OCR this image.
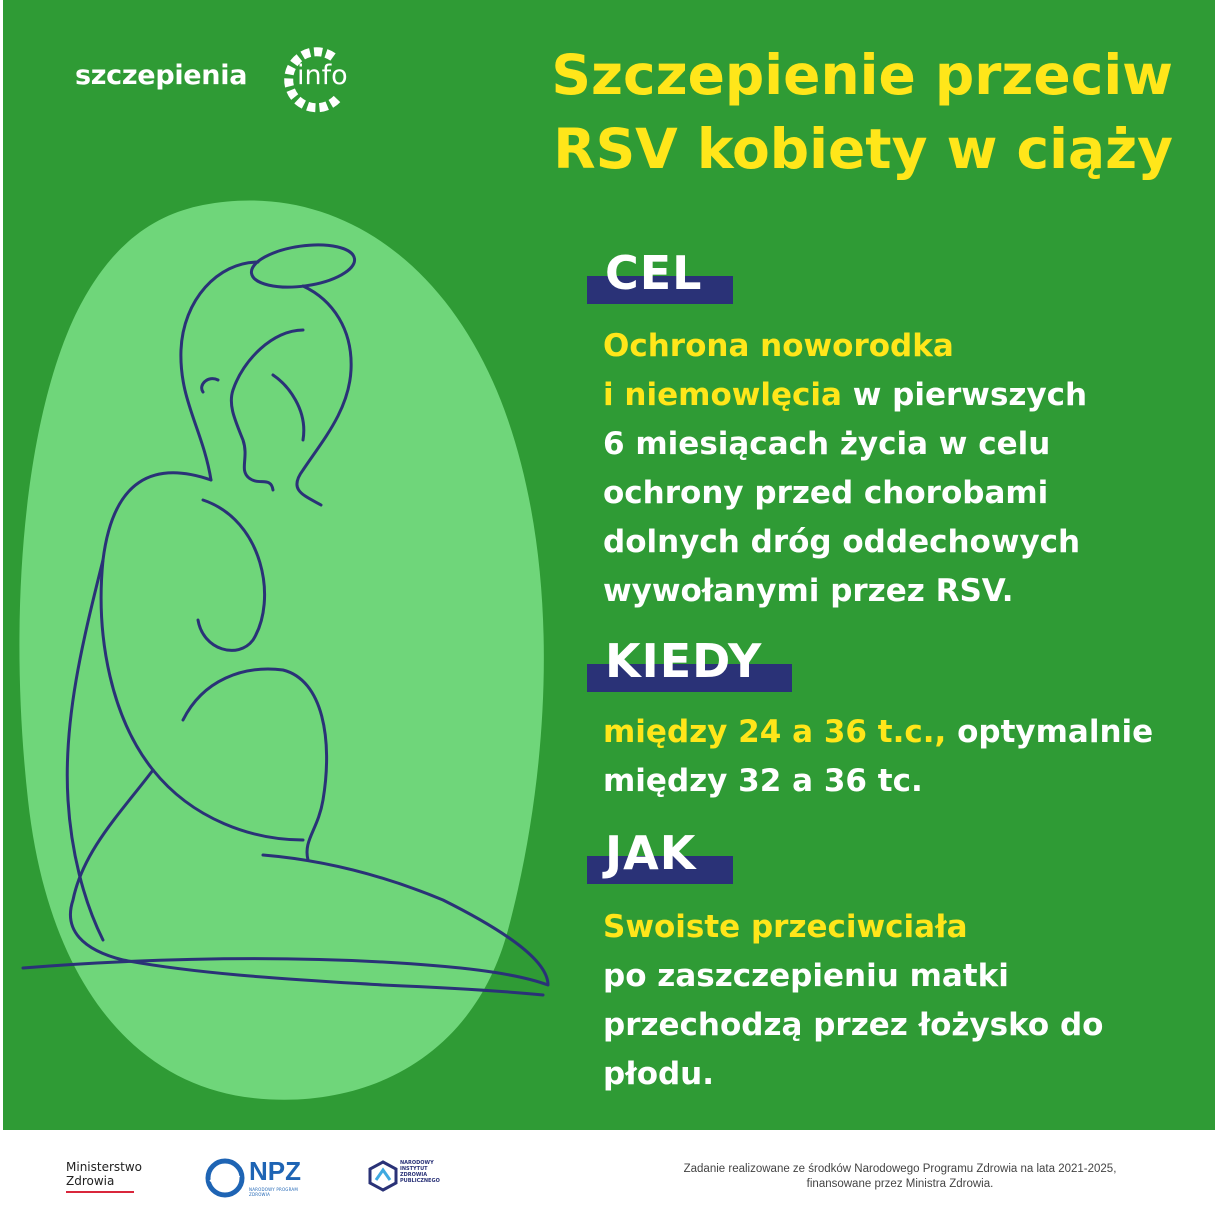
szczepienia info	Szczepienie przeciw
RSV kobiety w ciąży
CEL
Ochrona noworodka
i niemowlęcia w pierwszych
6 miesiącach życia w celu
ochrony przed chorobami
dolnych dróg oddechowych
wywołanymi przez RSV.
KIEDY
między 24 a 36 t.c., optymalnie
między 32 a 36 tc.
JAK
Swoiste przeciwciała
po zaszczepieniu matki
przechodzą przez łożysko do
płodu.
Ministerstwo
Zdrowia	NPZ
NARODOWY PROGRAM ZDROWIA
NARODOWY
INSTYTUT
ZDROWIA
PUBLICZNEGO
Zadanie realizowane ze środków Narodowego Programu Zdrowia na lata 2021-2025,
finansowane przez Ministra Zdrowia.
